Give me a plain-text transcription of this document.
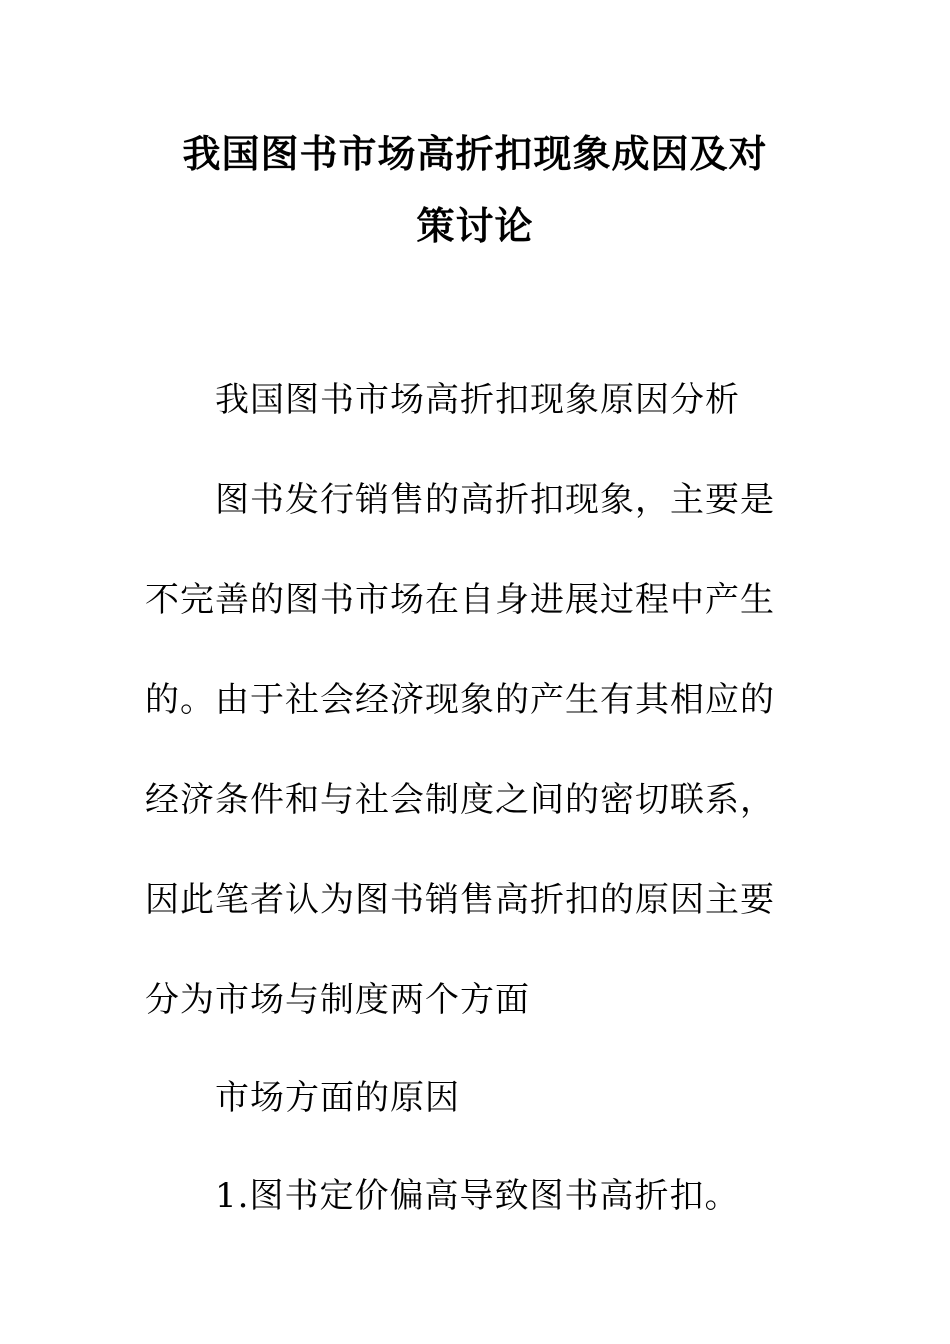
我国图书市场高折扣现象成因及对
策讨论

我国图书市场高折扣现象原因分析

图书发行销售的高折扣现象，主要是

不完善的图书市场在自身进展过程中产生

的。由于社会经济现象的产生有其相应的

经济条件和与社会制度之间的密切联系，

因此笔者认为图书销售高折扣的原因主要

分为市场与制度两个方面

市场方面的原因

1.图书定价偏高导致图书高折扣。
